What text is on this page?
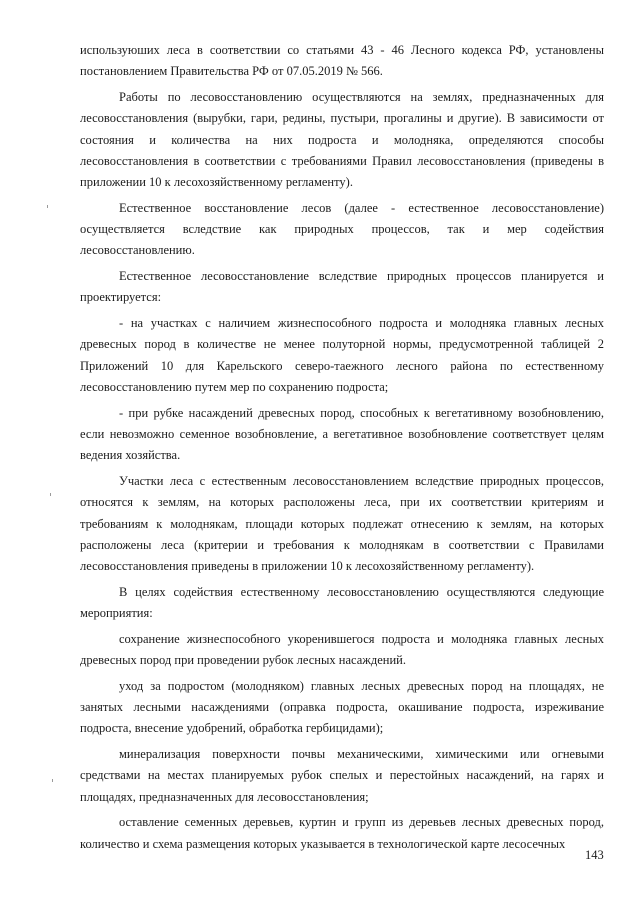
используюших леса в соответствии со статьями 43 - 46 Лесного кодекса РФ, установлены постановлением Правительства РФ от 07.05.2019 № 566.

Работы по лесовосстановлению осуществляются на землях, предназначенных для лесовосстановления (вырубки, гари, редины, пустыри, прогалины и другие). В зависимости от состояния и количества на них подроста и молодняка, определяются способы лесовосстановления в соответствии с требованиями Правил лесовосстановления (приведены в приложении 10 к лесохозяйственному регламенту).

Естественное восстановление лесов (далее - естественное лесовосстановление) осуществляется вследствие как природных процессов, так и мер содействия лесовосстановлению.

Естественное лесовосстановление вследствие природных процессов планируется и проектируется:

- на участках с наличием жизнеспособного подроста и молодняка главных лесных древесных пород в количестве не менее полуторной нормы, предусмотренной таблицей 2 Приложений 10 для Карельского северо-таежного лесного района по естественному лесовосстановлению путем мер по сохранению подроста;

- при рубке насаждений древесных пород, способных к вегетативному возобновлению, если невозможно семенное возобновление, а вегетативное возобновление соответствует целям ведения хозяйства.

Участки леса с естественным лесовосстановлением вследствие природных процессов, относятся к землям, на которых расположены леса, при их соответствии критериям и требованиям к молоднякам, площади которых подлежат отнесению к землям, на которых расположены леса (критерии и требования к молоднякам в соответствии с Правилами лесовосстановления приведены в приложении 10 к лесохозяйственному регламенту).

В целях содействия естественному лесовосстановлению осуществляются следующие мероприятия:

сохранение жизнеспособного укоренившегося подроста и молодняка главных лесных древесных пород при проведении рубок лесных насаждений.

уход за подростом (молодняком) главных лесных древесных пород на площадях, не занятых лесными насаждениями (оправка подроста, окашивание подроста, изреживание подроста, внесение удобрений, обработка гербицидами);

минерализация поверхности почвы механическими, химическими или огневыми средствами на местах планируемых рубок спелых и перестойных насаждений, на гарях и площадях, предназначенных для лесовосстановления;

оставление семенных деревьев, куртин и групп из деревьев лесных древесных пород, количество и схема размещения которых указывается в технологической карте лесосечных

143
